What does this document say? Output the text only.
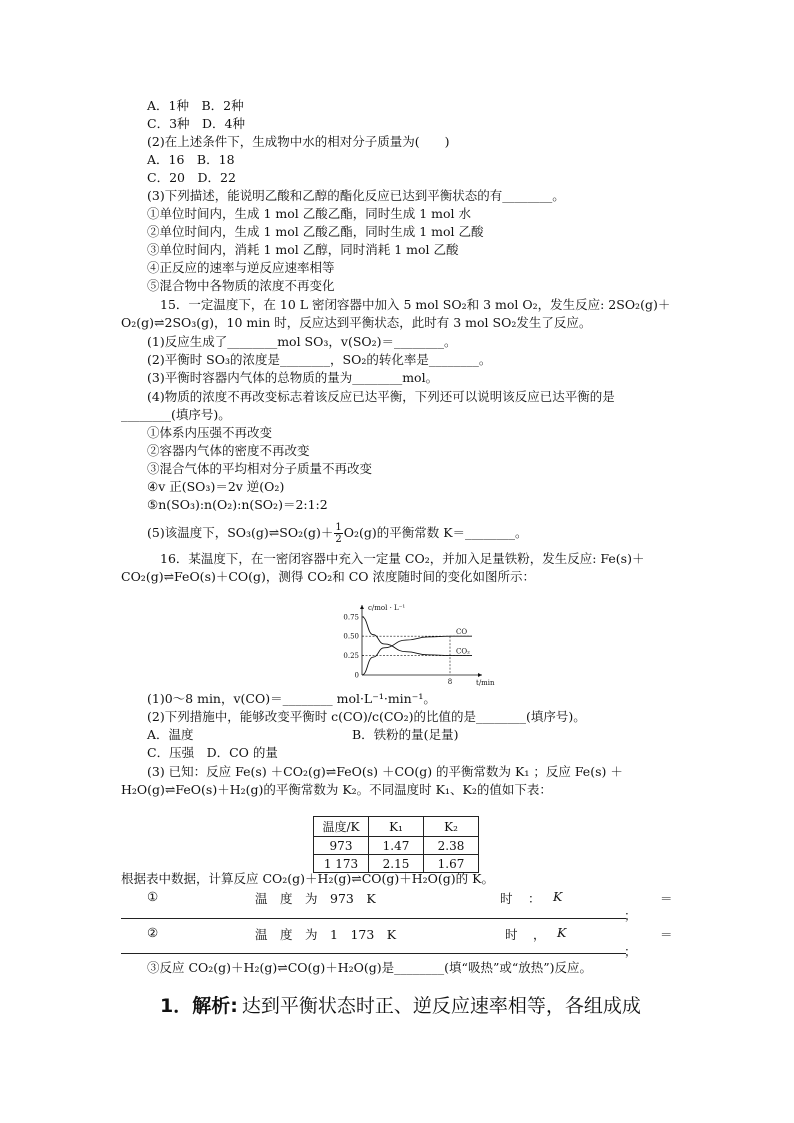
A．1种　B．2种
C．3种　D．4种
(2)在上述条件下，生成物中水的相对分子质量为(　　)
A．16　B．18
C．20　D．22
(3)下列描述，能说明乙酸和乙醇的酯化反应已达到平衡状态的有________。
①单位时间内，生成 1 mol 乙酸乙酯，同时生成 1 mol 水
②单位时间内，生成 1 mol 乙酸乙酯，同时生成 1 mol 乙酸
③单位时间内，消耗 1 mol 乙醇，同时消耗 1 mol 乙酸
④正反应的速率与逆反应速率相等
⑤混合物中各物质的浓度不再变化
15．一定温度下，在 10 L 密闭容器中加入 5 mol SO₂和 3 mol O₂，发生反应: 2SO₂(g)＋
O₂(g)⇌2SO₃(g)，10 min 时，反应达到平衡状态，此时有 3 mol SO₂发生了反应。
(1)反应生成了________mol SO₃，v(SO₂)＝________。
(2)平衡时 SO₃的浓度是________，SO₂的转化率是________。
(3)平衡时容器内气体的总物质的量为________mol。
(4)物质的浓度不再改变标志着该反应已达平衡，下列还可以说明该反应已达平衡的是
________(填序号)。
①体系内压强不再改变
②容器内气体的密度不再改变
③混合气体的平均相对分子质量不再改变
④v 正(SO₃)＝2v 逆(O₂)
⑤n(SO₃):n(O₂):n(SO₂)＝2:1:2
(5)该温度下，SO₃(g)⇌SO₂(g)＋ $\frac{1}{2} O_2(g)$的平衡常数 K＝________。
16．某温度下，在一密闭容器中充入一定量 CO₂，并加入足量铁粉，发生反应: Fe(s)＋
CO₂(g)⇌FeO(s)＋CO(g)，测得 CO₂和 CO 浓度随时间的变化如图所示：
c/mol · L⁻¹
t/min
0.75
0.50
0.25
0
8
CO
CO₂
(1)0～8 min，v(CO)＝________ mol·L⁻¹·min⁻¹。
(2)下列措施中，能够改变平衡时 c(CO)/c(CO₂)的比值的是________(填序号)。
A．温度	B．铁粉的量(足量)
C．压强　D．CO 的量
(3) 已知：反应 Fe(s) ＋CO₂(g)⇌FeO(s) ＋CO(g) 的平衡常数为 K₁ ；反应 Fe(s) ＋
H₂O(g)⇌FeO(s)＋H₂(g)的平衡常数为 K₂。不同温度时 K₁、K₂的值如下表：
温度/K	K₁	K₂
973	1.47	2.38
1 173	2.15	1.67
根据表中数据，计算反应 CO₂(g)＋H₂(g)⇌CO(g)＋H₂O(g)的 K。
①	温　度　为　973　K	时 ： K	＝
；
②	温　度　为　1　173　K	时 ， K	＝
；
③反应 CO₂(g)＋H₂(g)⇌CO(g)＋H₂O(g)是________(填“吸热”或“放热”)反应。
1．解析: 达到平衡状态时正、逆反应速率相等，各组成成
